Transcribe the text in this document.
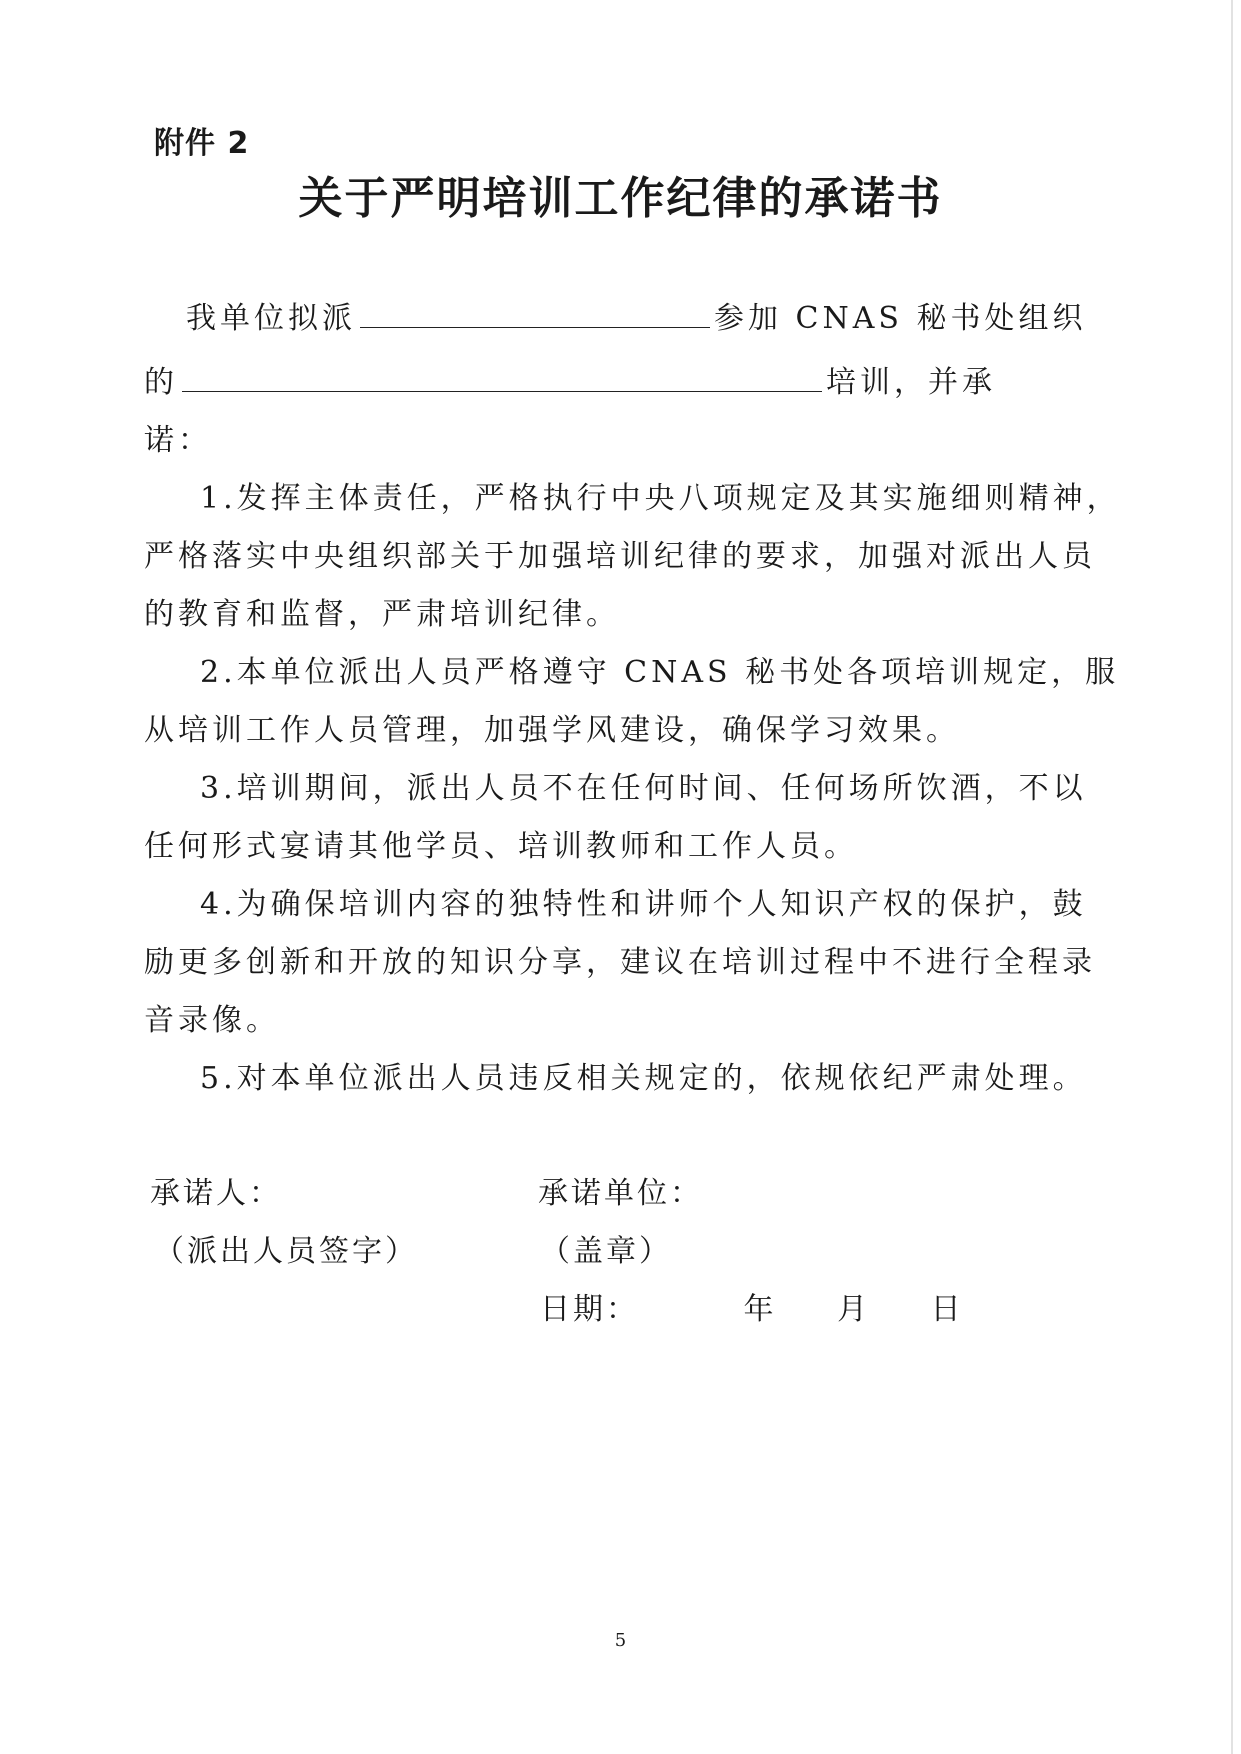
附件 2
关于严明培训工作纪律的承诺书
我单位拟派	参加 CNAS 秘书处组织
的	培训，并承
诺：
1.发挥主体责任，严格执行中央八项规定及其实施细则精神，
严格落实中央组织部关于加强培训纪律的要求，加强对派出人员
的教育和监督，严肃培训纪律。
2.本单位派出人员严格遵守 CNAS 秘书处各项培训规定，服
从培训工作人员管理，加强学风建设，确保学习效果。
3.培训期间，派出人员不在任何时间、任何场所饮酒，不以
任何形式宴请其他学员、培训教师和工作人员。
4.为确保培训内容的独特性和讲师个人知识产权的保护，鼓
励更多创新和开放的知识分享，建议在培训过程中不进行全程录
音录像。
5.对本单位派出人员违反相关规定的，依规依纪严肃处理。
承诺人：
（派出人员签字）
承诺单位：
（盖章）
日期：	年 月 日
5
